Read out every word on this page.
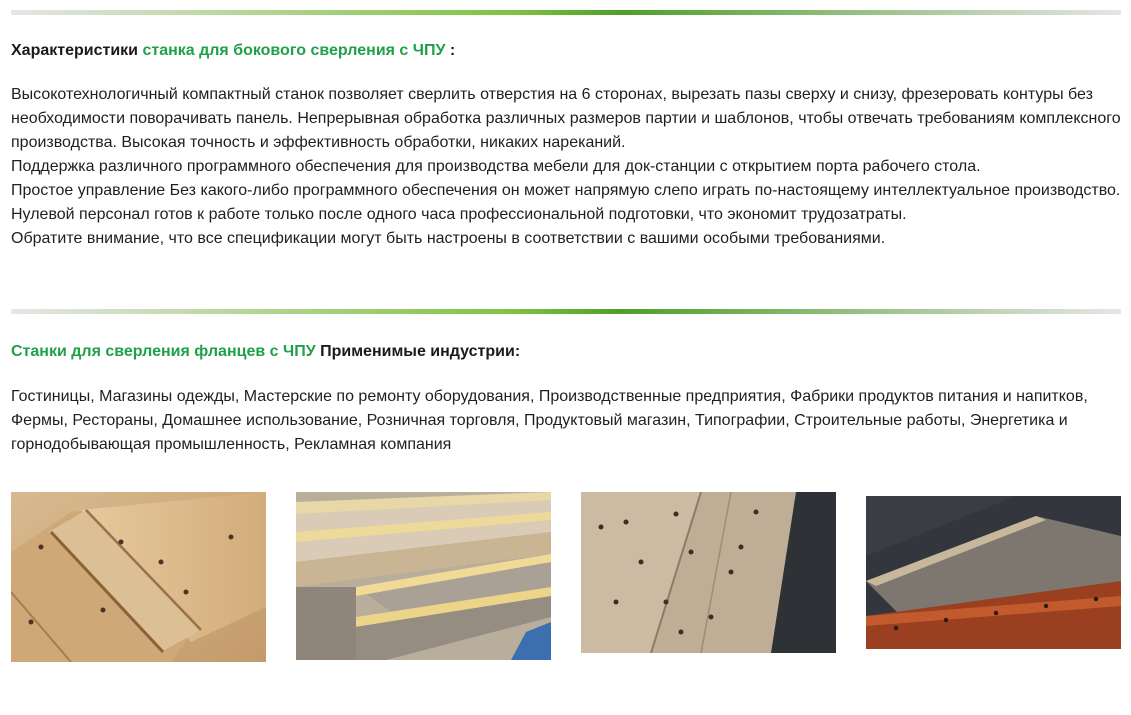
Характеристики станка для бокового сверления с ЧПУ :

Высокотехнологичный компактный станок позволяет сверлить отверстия на 6 сторонах, вырезать пазы сверху и снизу, фрезеровать контуры без необходимости поворачивать панель. Непрерывная обработка различных размеров партии и шаблонов, чтобы отвечать требованиям комплексного производства. Высокая точность и эффективность обработки, никаких нареканий.

Поддержка различного программного обеспечения для производства мебели для док-станции с открытием порта рабочего стола.

Простое управление Без какого-либо программного обеспечения он может напрямую слепо играть по-настоящему интеллектуальное производство.

Нулевой персонал готов к работе только после одного часа профессиональной подготовки, что экономит трудозатраты.

Обратите внимание, что все спецификации могут быть настроены в соответствии с вашими особыми требованиями.

Станки для сверления фланцев с ЧПУ Применимые индустрии:

Гостиницы, Магазины одежды, Мастерские по ремонту оборудования, Производственные предприятия, Фабрики продуктов питания и напитков, Фермы, Рестораны, Домашнее использование, Розничная торговля, Продуктовый магазин, Типографии, Строительные работы, Энергетика и горнодобывающая промышленность, Рекламная компания
